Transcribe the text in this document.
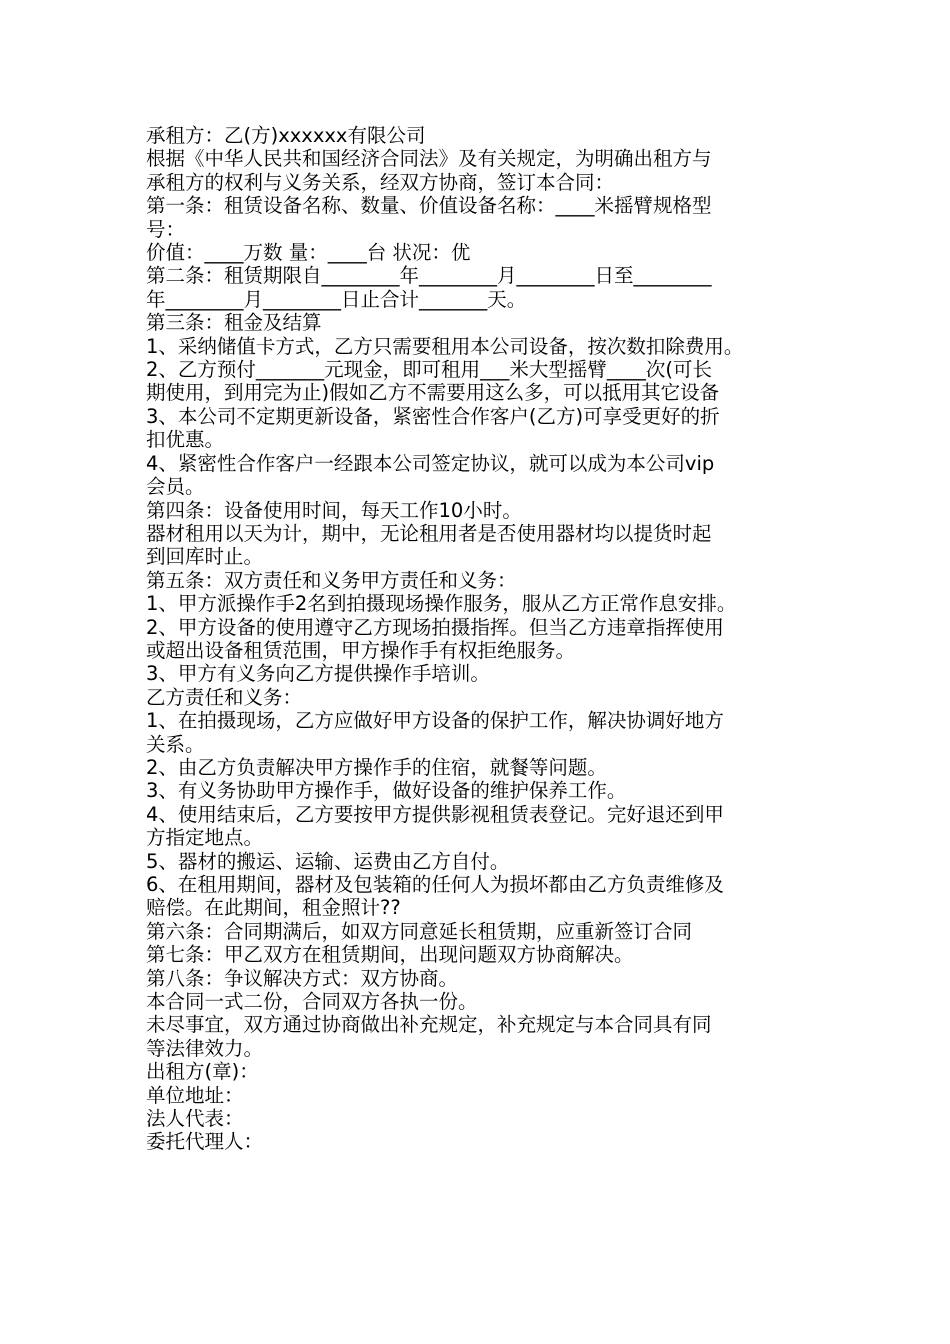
承租方：乙(方)xxxxxx有限公司
根据《中华人民共和国经济合同法》及有关规定，为明确出租方与
承租方的权利与义务关系，经双方协商，签订本合同：
第一条：租赁设备名称、数量、价值设备名称：____米摇臂规格型
号：
价值：____万数 量：____台 状况：优
第二条：租赁期限自________年________月________日至________
年________月________日止合计_______天。
第三条：租金及结算
1、采纳储值卡方式，乙方只需要租用本公司设备，按次数扣除费用。
2、乙方预付_______元现金，即可租用___米大型摇臂____次(可长
期使用，到用完为止)假如乙方不需要用这么多，可以抵用其它设备
3、本公司不定期更新设备，紧密性合作客户(乙方)可享受更好的折
扣优惠。
4、紧密性合作客户一经跟本公司签定协议，就可以成为本公司vip
会员。
第四条：设备使用时间，每天工作10小时。
器材租用以天为计，期中，无论租用者是否使用器材均以提货时起
到回库时止。
第五条：双方责任和义务甲方责任和义务：
1、甲方派操作手2名到拍摄现场操作服务，服从乙方正常作息安排。
2、甲方设备的使用遵守乙方现场拍摄指挥。但当乙方违章指挥使用
或超出设备租赁范围，甲方操作手有权拒绝服务。
3、甲方有义务向乙方提供操作手培训。
乙方责任和义务：
1、在拍摄现场，乙方应做好甲方设备的保护工作，解决协调好地方
关系。
2、由乙方负责解决甲方操作手的住宿，就餐等问题。
3、有义务协助甲方操作手，做好设备的维护保养工作。
4、使用结束后，乙方要按甲方提供影视租赁表登记。完好退还到甲
方指定地点。
5、器材的搬运、运输、运费由乙方自付。
6、在租用期间，器材及包装箱的任何人为损坏都由乙方负责维修及
赔偿。在此期间，租金照计??
第六条：合同期满后，如双方同意延长租赁期，应重新签订合同
第七条：甲乙双方在租赁期间，出现问题双方协商解决。
第八条：争议解决方式：双方协商。
本合同一式二份，合同双方各执一份。
未尽事宜，双方通过协商做出补充规定，补充规定与本合同具有同
等法律效力。
出租方(章)：
单位地址：
法人代表：
委托代理人：
